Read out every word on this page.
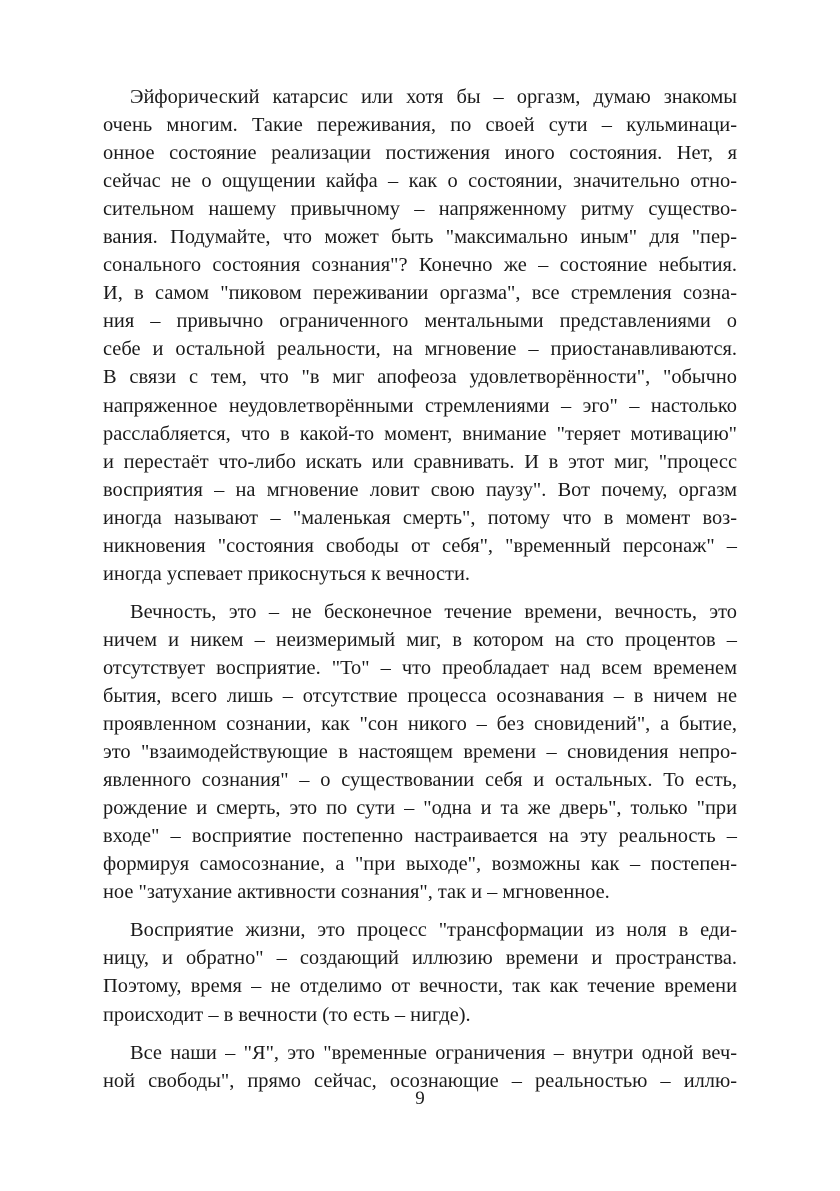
Эйфорический катарсис или хотя бы – оргазм, думаю знакомы
очень многим. Такие переживания, по своей сути – кульминаци-
онное состояние реализации постижения иного состояния. Нет, я
сейчас не о ощущении кайфа – как о состоянии, значительно отно-
сительном нашему привычному – напряженному ритму существо-
вания. Подумайте, что может быть "максимально иным" для "пер-
сонального состояния сознания"? Конечно же – состояние небытия.
И, в самом "пиковом переживании оргазма", все стремления созна-
ния – привычно ограниченного ментальными представлениями о
себе и остальной реальности, на мгновение – приостанавливаются.
В связи с тем, что "в миг апофеоза удовлетворённости", "обычно
напряженное неудовлетворёнными стремлениями – эго" – настолько
расслабляется, что в какой-то момент, внимание "теряет мотивацию"
и перестаёт что-либо искать или сравнивать. И в этот миг, "процесс
восприятия – на мгновение ловит свою паузу". Вот почему, оргазм
иногда называют – "маленькая смерть", потому что в момент воз-
никновения "состояния свободы от себя", "временный персонаж" –
иногда успевает прикоснуться к вечности.
Вечность, это – не бесконечное течение времени, вечность, это
ничем и никем – неизмеримый миг, в котором на сто процентов –
отсутствует восприятие. "То" – что преобладает над всем временем
бытия, всего лишь – отсутствие процесса осознавания – в ничем не
проявленном сознании, как "сон никого – без сновидений", а бытие,
это "взаимодействующие в настоящем времени – сновидения непро-
явленного сознания" – о существовании себя и остальных. То есть,
рождение и смерть, это по сути – "одна и та же дверь", только "при
входе" – восприятие постепенно настраивается на эту реальность –
формируя самосознание, а "при выходе", возможны как – постепен-
ное "затухание активности сознания", так и – мгновенное.
Восприятие жизни, это процесс "трансформации из ноля в еди-
ницу, и обратно" – создающий иллюзию времени и пространства.
Поэтому, время – не отделимо от вечности, так как течение времени
происходит – в вечности (то есть – нигде).
Все наши – "Я", это "временные ограничения – внутри одной веч-
ной свободы", прямо сейчас, осознающие – реальностью – иллю-
9
